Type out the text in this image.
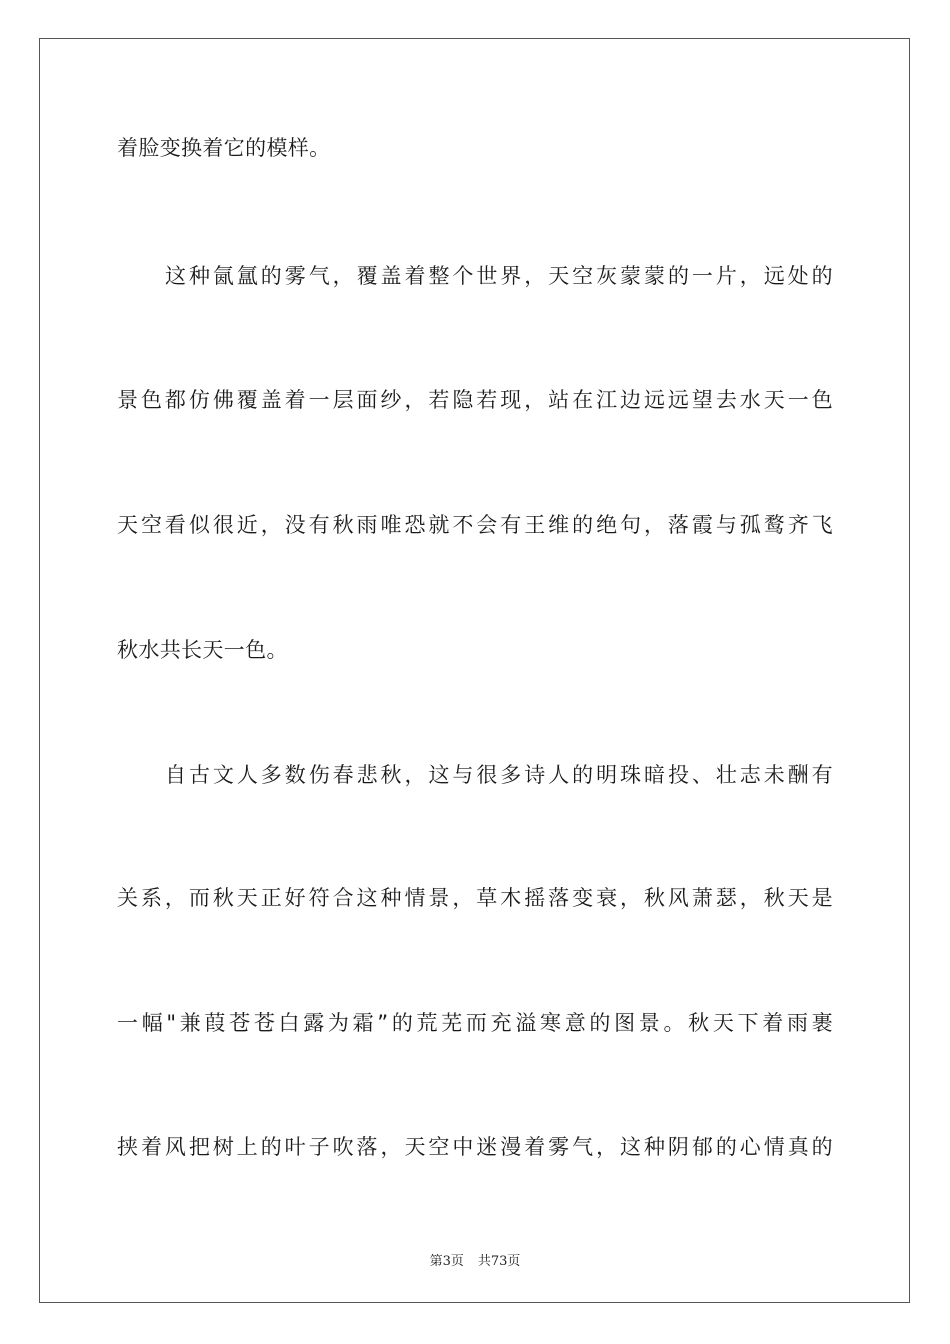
着脸变换着它的模样。

这种氤氲的雾气，覆盖着整个世界，天空灰蒙蒙的一片，远处的

景色都仿佛覆盖着一层面纱，若隐若现，站在江边远远望去水天一色

天空看似很近，没有秋雨唯恐就不会有王维的绝句，落霞与孤鹜齐飞

秋水共长天一色。

自古文人多数伤春悲秋，这与很多诗人的明珠暗投、壮志未酬有

关系，而秋天正好符合这种情景，草木摇落变衰，秋风萧瑟，秋天是

一幅"兼葭苍苍白露为霜”的荒芜而充溢寒意的图景。秋天下着雨裹

挟着风把树上的叶子吹落，天空中迷漫着雾气，这种阴郁的心情真的

第3页 共73页
